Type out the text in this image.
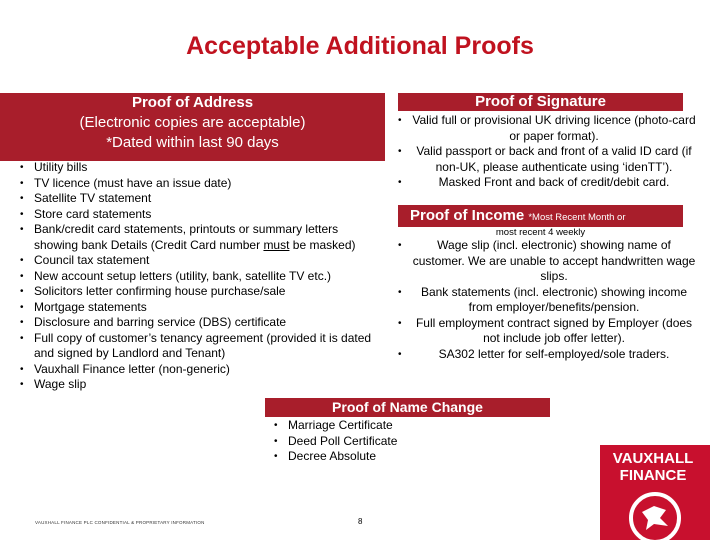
Acceptable Additional Proofs
Proof of Address
(Electronic copies are acceptable)
*Dated within last 90 days
• Utility bills
• TV licence (must have an issue date)
• Satellite TV statement
• Store card statements
• Bank/credit card statements, printouts or summary letters showing bank Details (Credit Card number must be masked)
• Council tax statement
• New account setup letters (utility, bank, satellite TV etc.)
• Solicitors letter confirming house purchase/sale
• Mortgage statements
• Disclosure and barring service (DBS) certificate
• Full copy of customer’s tenancy agreement (provided it is dated and signed by Landlord and Tenant)
• Vauxhall Finance letter (non-generic)
• Wage slip
Proof of Signature
• Valid full or provisional UK driving licence (photo-card or paper format).
• Valid passport or back and front of a valid ID card (if non-UK, please authenticate using ‘idenTT’).
• Masked Front and back of credit/debit card.
Proof of Income *Most Recent Month or
most recent 4 weekly
• Wage slip (incl. electronic) showing name of customer. We are unable to accept handwritten wage slips.
• Bank statements (incl. electronic) showing income from employer/benefits/pension.
• Full employment contract signed by Employer (does not include job offer letter).
• SA302 letter for self-employed/sole traders.
Proof of Name Change
• Marriage Certificate
• Deed Poll Certificate
• Decree Absolute	VAUXHALL
FINANCE
VAUXHALL FINANCE PLC CONFIDENTIAL & PROPRIETARY INFORMATION	8
